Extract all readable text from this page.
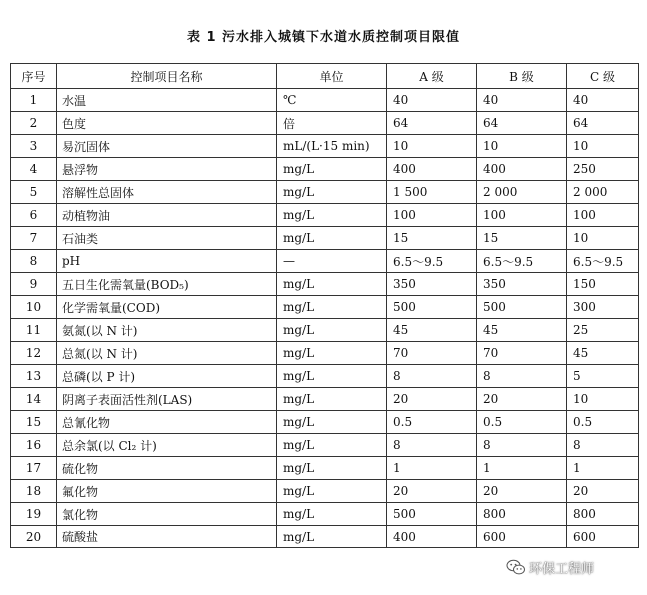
表 1 污水排入城镇下水道水质控制项目限值
序号	控制项目名称	单位	A 级	B 级	C 级
1	水温	℃	40	40	40
2	色度	倍	64	64	64
3	易沉固体	mL/(L·15 min)	10	10	10
4	悬浮物	mg/L	400	400	250
5	溶解性总固体	mg/L	1 500	2 000	2 000
6	动植物油	mg/L	100	100	100
7	石油类	mg/L	15	15	10
8	pH	—	6.5～9.5	6.5～9.5	6.5～9.5
9	五日生化需氧量(BOD₅)	mg/L	350	350	150
10	化学需氧量(COD)	mg/L	500	500	300
11	氨氮(以 N 计)	mg/L	45	45	25
12	总氮(以 N 计)	mg/L	70	70	45
13	总磷(以 P 计)	mg/L	8	8	5
14	阴离子表面活性剂(LAS)	mg/L	20	20	10
15	总氰化物	mg/L	0.5	0.5	0.5
16	总余氯(以 Cl₂ 计)	mg/L	8	8	8
17	硫化物	mg/L	1	1	1
18	氟化物	mg/L	20	20	20
19	氯化物	mg/L	500	800	800
20	硫酸盐	mg/L	400	600	600
环保工程师
